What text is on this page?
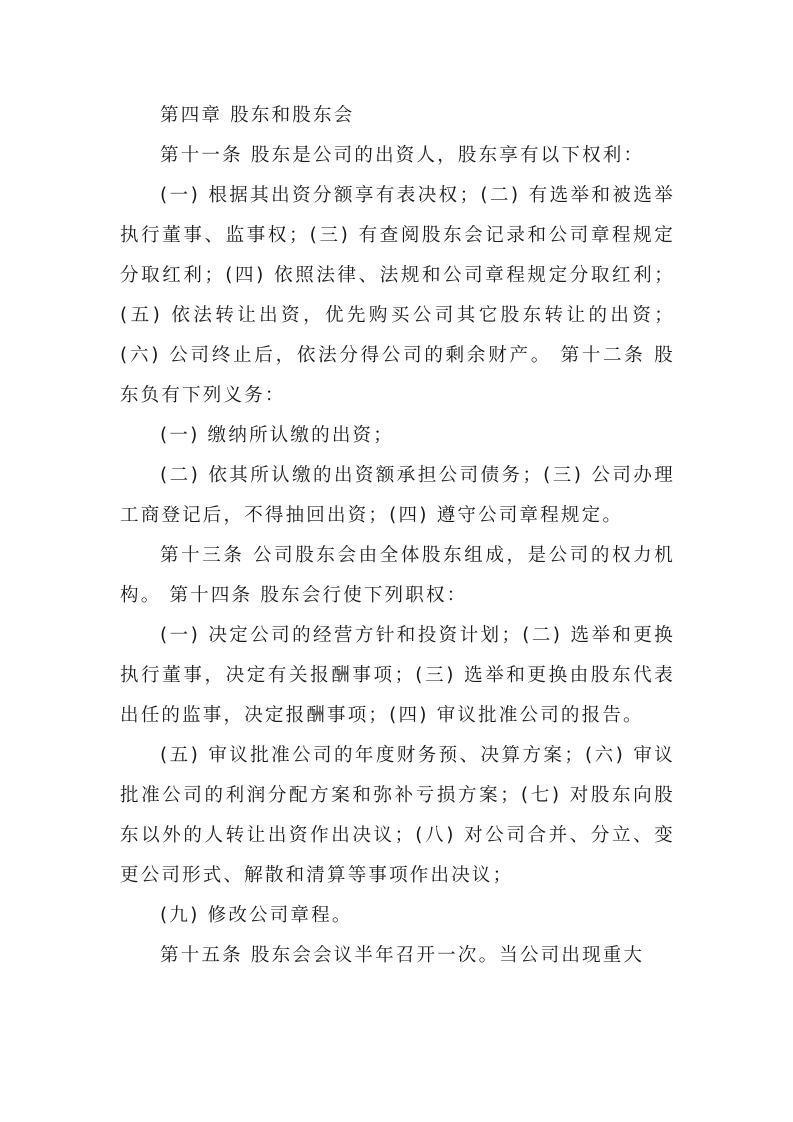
第四章 股东和股东会

第十一条 股东是公司的出资人，股东享有以下权利：

(一) 根据其出资分额享有表决权；(二) 有选举和被选举执行董事、监事权；(三) 有查阅股东会记录和公司章程规定分取红利；(四) 依照法律、法规和公司章程规定分取红利；(五) 依法转让出资，优先购买公司其它股东转让的出资；(六) 公司终止后，依法分得公司的剩余财产。 第十二条 股东负有下列义务：

(一) 缴纳所认缴的出资；

(二) 依其所认缴的出资额承担公司债务；(三) 公司办理工商登记后，不得抽回出资；(四) 遵守公司章程规定。

第十三条 公司股东会由全体股东组成，是公司的权力机构。 第十四条 股东会行使下列职权：

(一) 决定公司的经营方针和投资计划；(二) 选举和更换执行董事，决定有关报酬事项；(三) 选举和更换由股东代表出任的监事，决定报酬事项；(四) 审议批准公司的报告。

(五) 审议批准公司的年度财务预、决算方案；(六) 审议批准公司的利润分配方案和弥补亏损方案；(七) 对股东向股东以外的人转让出资作出决议；(八) 对公司合并、分立、变更公司形式、解散和清算等事项作出决议；

(九) 修改公司章程。

第十五条 股东会会议半年召开一次。当公司出现重大
